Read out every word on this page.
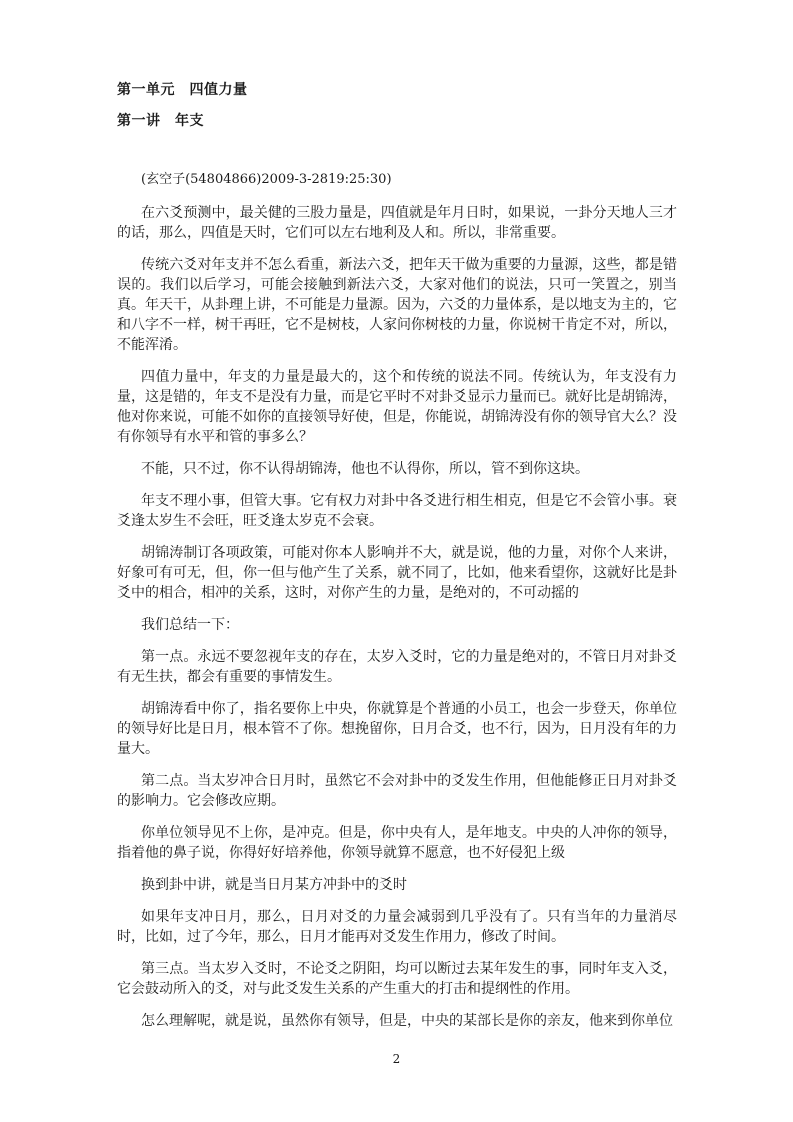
第一单元　四值力量
第一讲　年支

(玄空子(54804866)2009-3-2819:25:30)

在六爻预测中，最关健的三股力量是，四值就是年月日时，如果说，一卦分天地人三才的话，那么，四值是天时，它们可以左右地利及人和。所以，非常重要。

传统六爻对年支并不怎么看重，新法六爻，把年天干做为重要的力量源，这些，都是错误的。我们以后学习，可能会接触到新法六爻，大家对他们的说法，只可一笑置之，别当真。年天干，从卦理上讲，不可能是力量源。因为，六爻的力量体系，是以地支为主的，它和八字不一样，树干再旺，它不是树枝，人家问你树枝的力量，你说树干肯定不对，所以，不能浑淆。

四值力量中，年支的力量是最大的，这个和传统的说法不同。传统认为，年支没有力量，这是错的，年支不是没有力量，而是它平时不对卦爻显示力量而已。就好比是胡锦涛，他对你来说，可能不如你的直接领导好使，但是，你能说，胡锦涛没有你的领导官大么？没有你领导有水平和管的事多么？

不能，只不过，你不认得胡锦涛，他也不认得你，所以，管不到你这块。

年支不理小事，但管大事。它有权力对卦中各爻进行相生相克，但是它不会管小事。衰爻逢太岁生不会旺，旺爻逢太岁克不会衰。

胡锦涛制订各项政策，可能对你本人影响并不大，就是说，他的力量，对你个人来讲，好象可有可无，但，你一但与他产生了关系，就不同了，比如，他来看望你，这就好比是卦爻中的相合，相冲的关系，这时，对你产生的力量，是绝对的，不可动摇的

我们总结一下：

第一点。永远不要忽视年支的存在，太岁入爻时，它的力量是绝对的，不管日月对卦爻有无生扶，都会有重要的事情发生。

胡锦涛看中你了，指名要你上中央，你就算是个普通的小员工，也会一步登天，你单位的领导好比是日月，根本管不了你。想挽留你，日月合爻，也不行，因为，日月没有年的力量大。

第二点。当太岁冲合日月时，虽然它不会对卦中的爻发生作用，但他能修正日月对卦爻的影响力。它会修改应期。

你单位领导见不上你，是冲克。但是，你中央有人，是年地支。中央的人冲你的领导，指着他的鼻子说，你得好好培养他，你领导就算不愿意，也不好侵犯上级

换到卦中讲，就是当日月某方冲卦中的爻时

如果年支冲日月，那么，日月对爻的力量会减弱到几乎没有了。只有当年的力量消尽时，比如，过了今年，那么，日月才能再对爻发生作用力，修改了时间。

第三点。当太岁入爻时，不论爻之阴阳，均可以断过去某年发生的事，同时年支入爻，它会鼓动所入的爻，对与此爻发生关系的产生重大的打击和提纲性的作用。

怎么理解呢，就是说，虽然你有领导，但是，中央的某部长是你的亲友，他来到你单位

2
